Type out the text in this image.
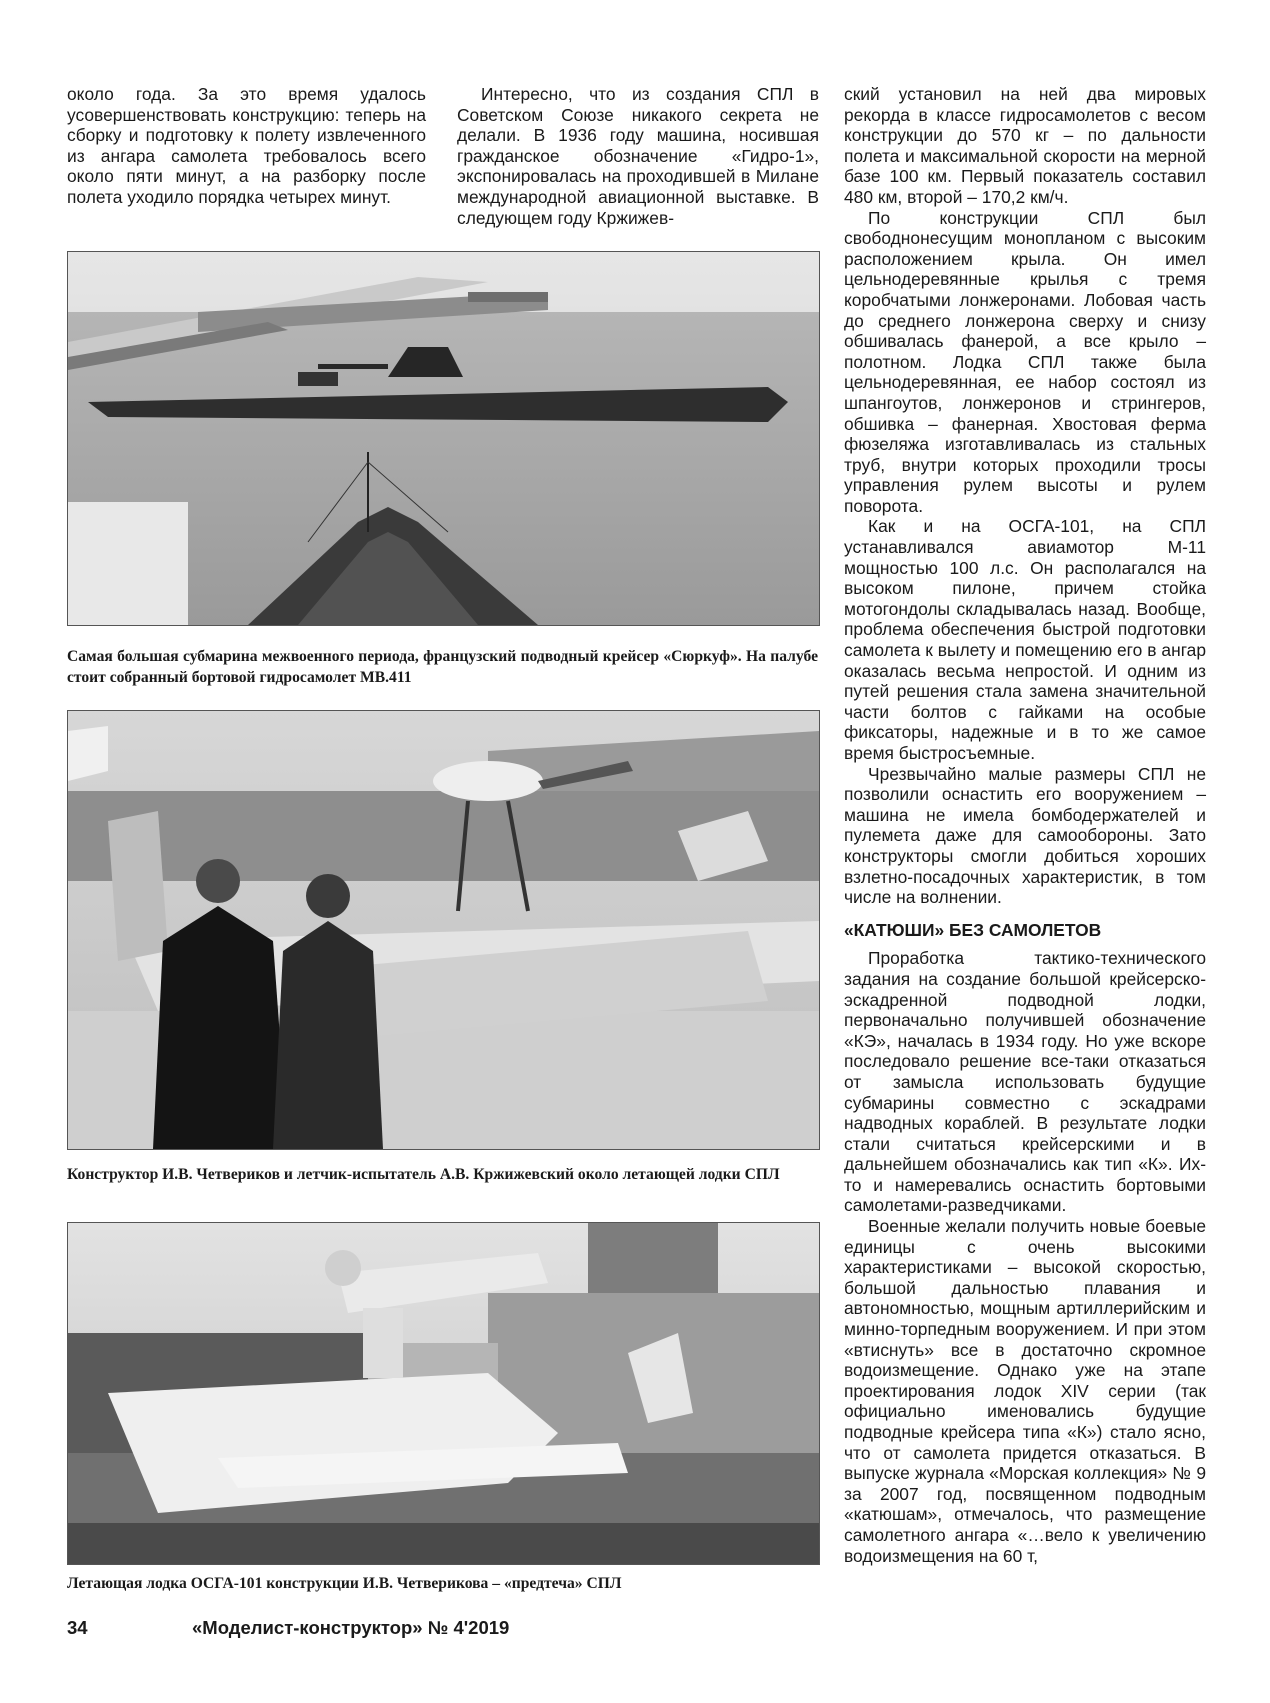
около года. За это время удалось усовершенствовать конструкцию: теперь на сборку и подготовку к полету извлеченного из ангара самолета требовалось всего около пяти минут, а на разборку после полета уходило порядка четырех минут.

Интересно, что из создания СПЛ в Советском Союзе никакого секрета не делали. В 1936 году машина, носившая гражданское обозначение «Гидро-1», экспонировалась на проходившей в Милане международной авиационной выставке. В следующем году Кржижев-

ский установил на ней два мировых рекорда в классе гидросамолетов с весом конструкции до 570 кг – по дальности полета и максимальной скорости на мерной базе 100 км. Первый показатель составил 480 км, второй – 170,2 км/ч.

По конструкции СПЛ был свободнонесущим монопланом с высоким расположением крыла. Он имел цельнодеревянные крылья с тремя коробчатыми лонжеронами. Лобовая часть до среднего лонжерона сверху и снизу обшивалась фанерой, а все крыло – полотном. Лодка СПЛ также была цельнодеревянная, ее набор состоял из шпангоутов, лонжеронов и стрингеров, обшивка – фанерная. Хвостовая ферма фюзеляжа изготавливалась из стальных труб, внутри которых проходили тросы управления рулем высоты и рулем поворота.

Как и на ОСГА-101, на СПЛ устанавливался авиамотор М-11 мощностью 100 л.с. Он располагался на высоком пилоне, причем стойка мотогондолы складывалась назад. Вообще, проблема обеспечения быстрой подготовки самолета к вылету и помещению его в ангар оказалась весьма непростой. И одним из путей решения стала замена значительной части болтов с гайками на особые фиксаторы, надежные и в то же самое время быстросъемные.

Чрезвычайно малые размеры СПЛ не позволили оснастить его вооружением – машина не имела бомбодержателей и пулемета даже для самообороны. Зато конструкторы смогли добиться хороших взлетно-посадочных характеристик, в том числе на волнении.

«КАТЮШИ» БЕЗ САМОЛЕТОВ

Проработка тактико-технического задания на создание большой крейсерско-эскадренной подводной лодки, первоначально получившей обозначение «КЭ», началась в 1934 году. Но уже вскоре последовало решение все-таки отказаться от замысла использовать будущие субмарины совместно с эскадрами надводных кораблей. В результате лодки стали считаться крейсерскими и в дальнейшем обозначались как тип «К». Их-то и намеревались оснастить бортовыми самолетами-разведчиками.

Военные желали получить новые боевые единицы с очень высокими характеристиками – высокой скоростью, большой дальностью плавания и автономностью, мощным артиллерийским и минно-торпедным вооружением. И при этом «втиснуть» все в достаточно скромное водоизмещение. Однако уже на этапе проектирования лодок XIV серии (так официально именовались будущие подводные крейсера типа «К») стало ясно, что от самолета придется отказаться. В выпуске журнала «Морская коллекция» № 9 за 2007 год, посвященном подводным «катюшам», отмечалось, что размещение самолетного ангара «…вело к увеличению водоизмещения на 60 т,

Самая большая субмарина межвоенного периода, французский подводный крейсер «Сюркуф». На палубе стоит собранный бортовой гидросамолет МВ.411
Конструктор И.В. Четвериков и летчик-испытатель А.В. Кржижевский около летающей лодки СПЛ
Летающая лодка ОСГА-101 конструкции И.В. Четверикова – «предтеча» СПЛ
34	«Моделист-конструктор» № 4'2019
